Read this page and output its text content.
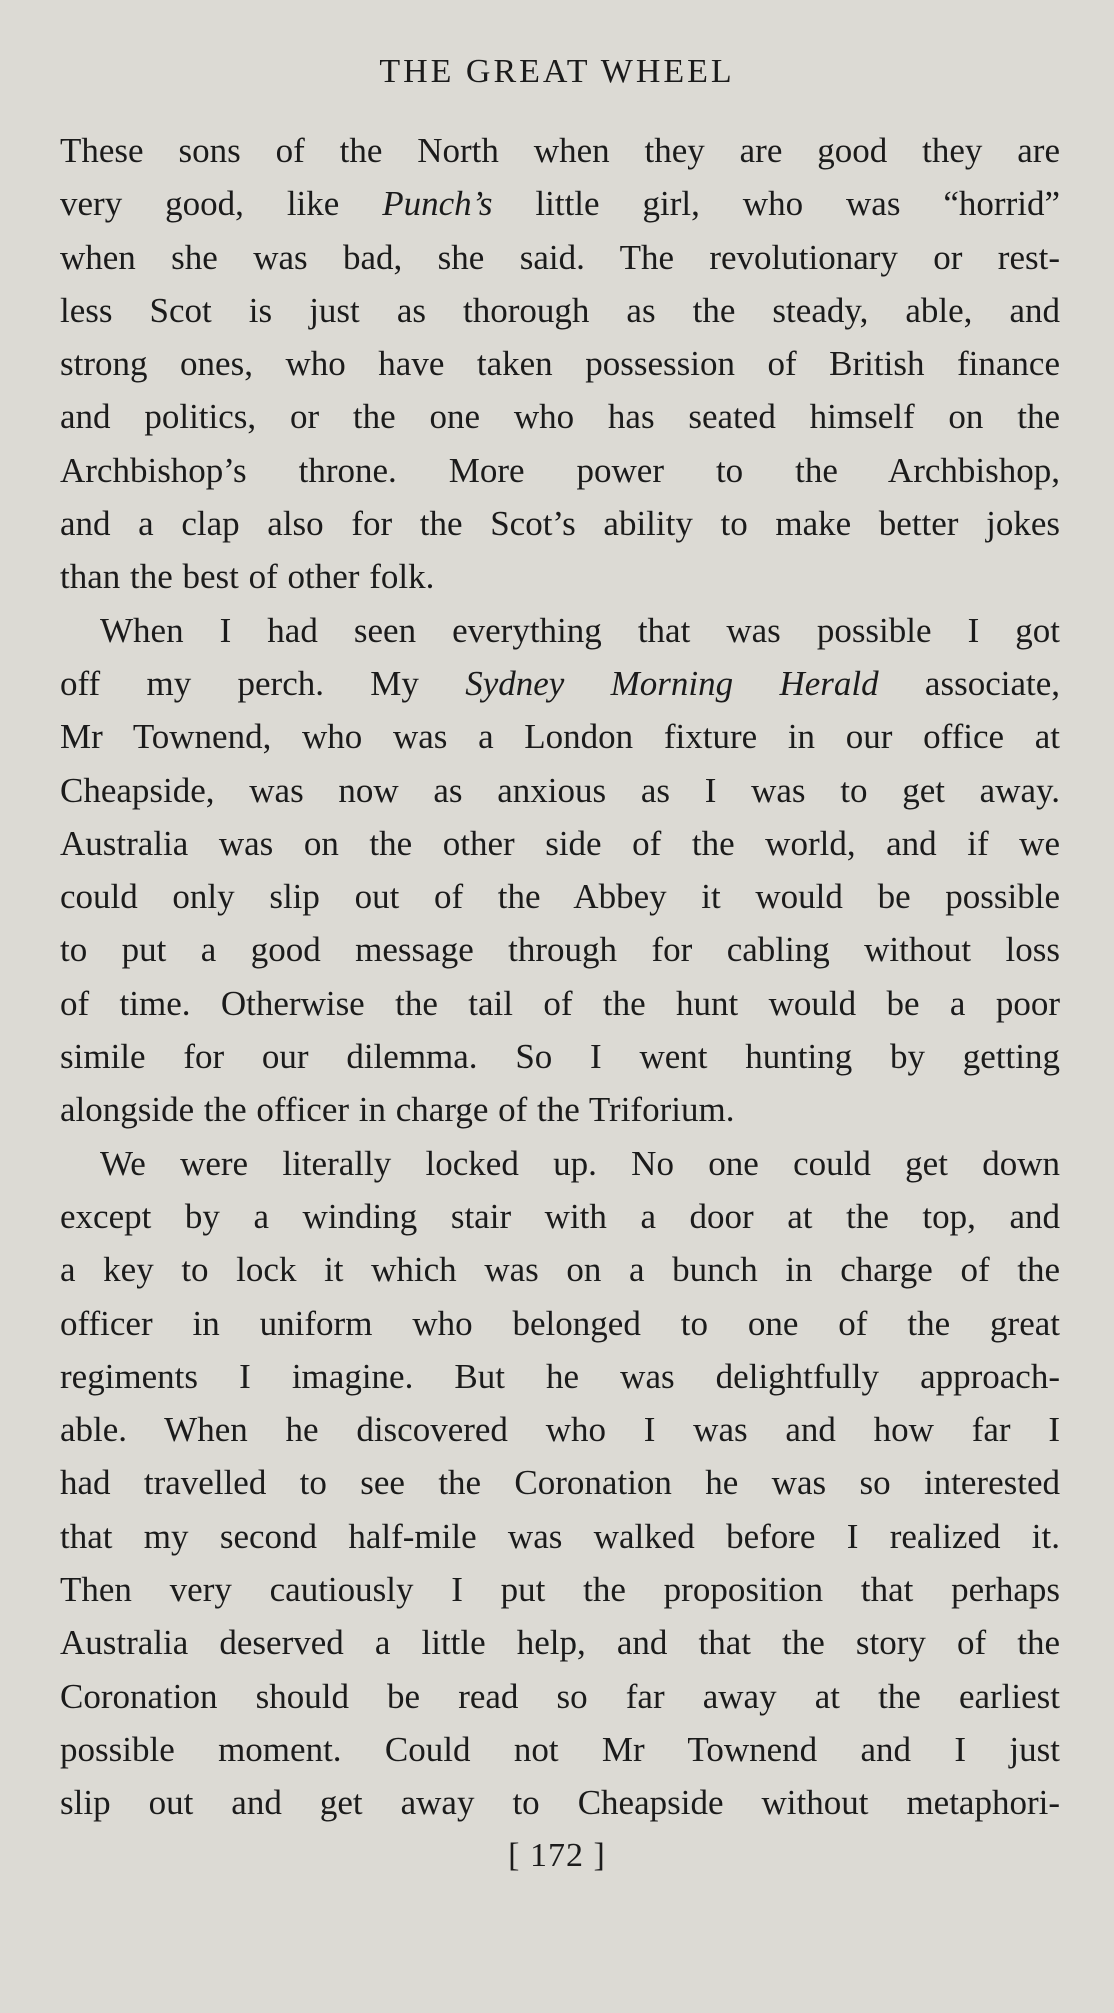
THE GREAT WHEEL

These sons of the North when they are good they are
very good, like Punch’s little girl, who was “horrid”
when she was bad, she said. The revolutionary or rest-
less Scot is just as thorough as the steady, able, and
strong ones, who have taken possession of British finance
and politics, or the one who has seated himself on the
Archbishop’s throne. More power to the Archbishop,
and a clap also for the Scot’s ability to make better jokes
than the best of other folk.

When I had seen everything that was possible I got
off my perch. My Sydney Morning Herald associate,
Mr Townend, who was a London fixture in our office at
Cheapside, was now as anxious as I was to get away.
Australia was on the other side of the world, and if we
could only slip out of the Abbey it would be possible
to put a good message through for cabling without loss
of time. Otherwise the tail of the hunt would be a poor
simile for our dilemma. So I went hunting by getting
alongside the officer in charge of the Triforium.

We were literally locked up. No one could get down
except by a winding stair with a door at the top, and
a key to lock it which was on a bunch in charge of the
officer in uniform who belonged to one of the great
regiments I imagine. But he was delightfully approach-
able. When he discovered who I was and how far I
had travelled to see the Coronation he was so interested
that my second half-mile was walked before I realized it.
Then very cautiously I put the proposition that perhaps
Australia deserved a little help, and that the story of the
Coronation should be read so far away at the earliest
possible moment. Could not Mr Townend and I just
slip out and get away to Cheapside without metaphori-

[ 172 ]
